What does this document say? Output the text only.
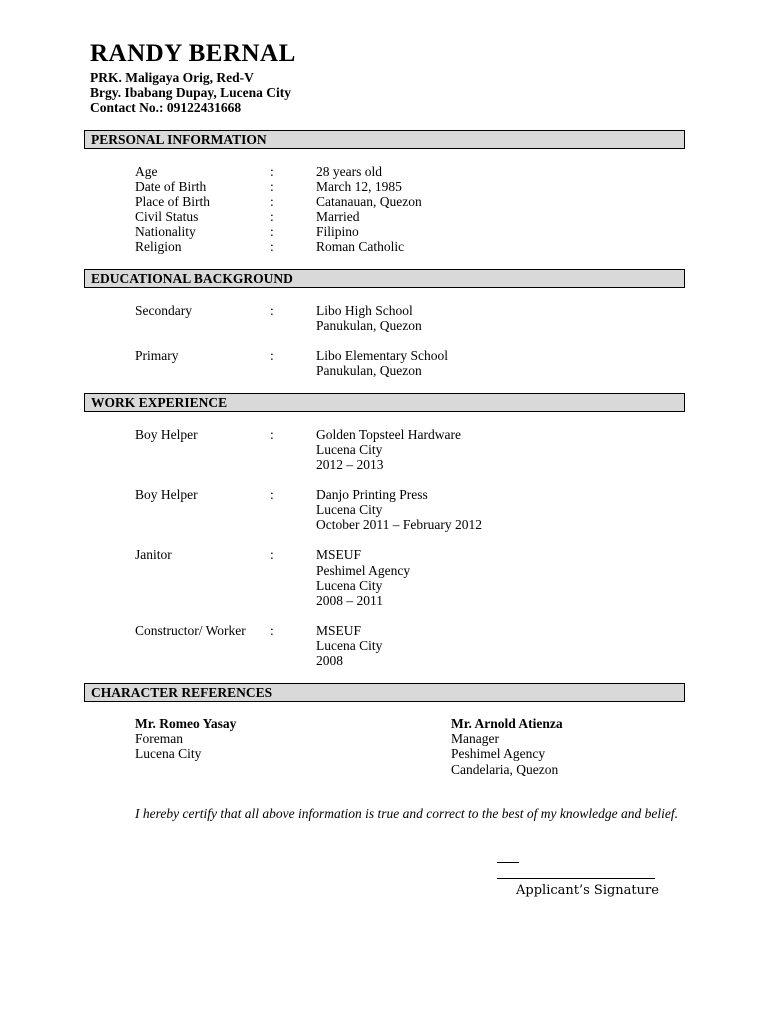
RANDY BERNAL
PRK. Maligaya Orig, Red-V
Brgy. Ibabang Dupay, Lucena City
Contact No.: 09122431668
PERSONAL INFORMATION
Age	:	28 years old
Date of Birth	:	March 12, 1985
Place of Birth	:	Catanauan, Quezon
Civil Status	:	Married
Nationality	:	Filipino
Religion	:	Roman Catholic
EDUCATIONAL BACKGROUND
Secondary	:	Libo High School
Panukulan, Quezon
Primary	:	Libo Elementary School
Panukulan, Quezon
WORK EXPERIENCE
Boy Helper	:	Golden Topsteel Hardware
Lucena City
2012 – 2013
Boy Helper	:	Danjo Printing Press
Lucena City
October 2011 – February 2012
Janitor	:	MSEUF
Peshimel Agency
Lucena City
2008 – 2011
Constructor/ Worker :	MSEUF
Lucena City
2008
CHARACTER REFERENCES
Mr. Romeo Yasay
Foreman
Lucena City
Mr. Arnold Atienza
Manager
Peshimel Agency
Candelaria, Quezon
I hereby certify that all above information is true and correct to the best of my knowledge and belief.
Applicant’s Signature
